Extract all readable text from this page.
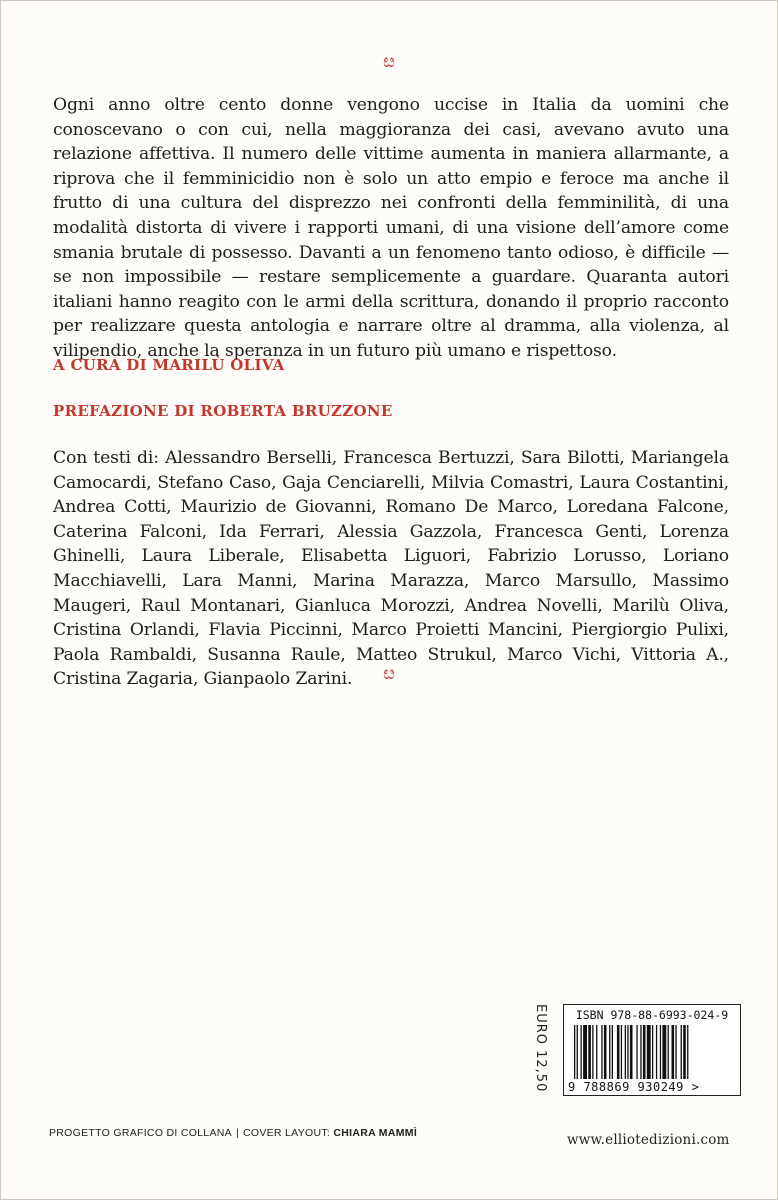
ೞ

Ogni anno oltre cento donne vengono uccise in Italia da uomini che conoscevano o con cui, nella maggioranza dei casi, avevano avuto una relazione affettiva. Il numero delle vittime aumenta in maniera allarmante, a riprova che il femminicidio non è solo un atto empio e feroce ma anche il frutto di una cultura del disprezzo nei confronti della femminilità, di una modalità distorta di vivere i rapporti umani, di una visione dell’amore come smania brutale di possesso. Davanti a un fenomeno tanto odioso, è difficile — se non impossibile — restare semplicemente a guardare. Quaranta autori italiani hanno reagito con le armi della scrittura, donando il proprio racconto per realizzare questa antologia e narrare oltre al dramma, alla violenza, al vilipendio, anche la speranza in un futuro più umano e rispettoso.

A CURA DI MARILÙ OLIVA

PREFAZIONE DI ROBERTA BRUZZONE

Con testi di: Alessandro Berselli, Francesca Bertuzzi, Sara Bilotti, Mariangela Camocardi, Stefano Caso, Gaja Cenciarelli, Milvia Comastri, Laura Costantini, Andrea Cotti, Maurizio de Giovanni, Romano De Marco, Loredana Falcone, Caterina Falconi, Ida Ferrari, Alessia Gazzola, Francesca Genti, Lorenza Ghinelli, Laura Liberale, Elisabetta Liguori, Fabrizio Lorusso, Loriano Macchiavelli, Lara Manni, Marina Marazza, Marco Marsullo, Massimo Maugeri, Raul Montanari, Gianluca Morozzi, Andrea Novelli, Marilù Oliva, Cristina Orlandi, Flavia Piccinni, Marco Proietti Mancini, Piergiorgio Pulixi, Paola Rambaldi, Susanna Raule, Matteo Strukul, Marco Vichi, Vittoria A., Cristina Zagaria, Gianpaolo Zarini.	ೞ
EURO 12,50	ISBN 978-88-6993-024-9
9 788869 930249 >
PROGETTO GRAFICO DI COLLANA | COVER LAYOUT: CHIARA MAMMÌ	www.elliotedizioni.com
